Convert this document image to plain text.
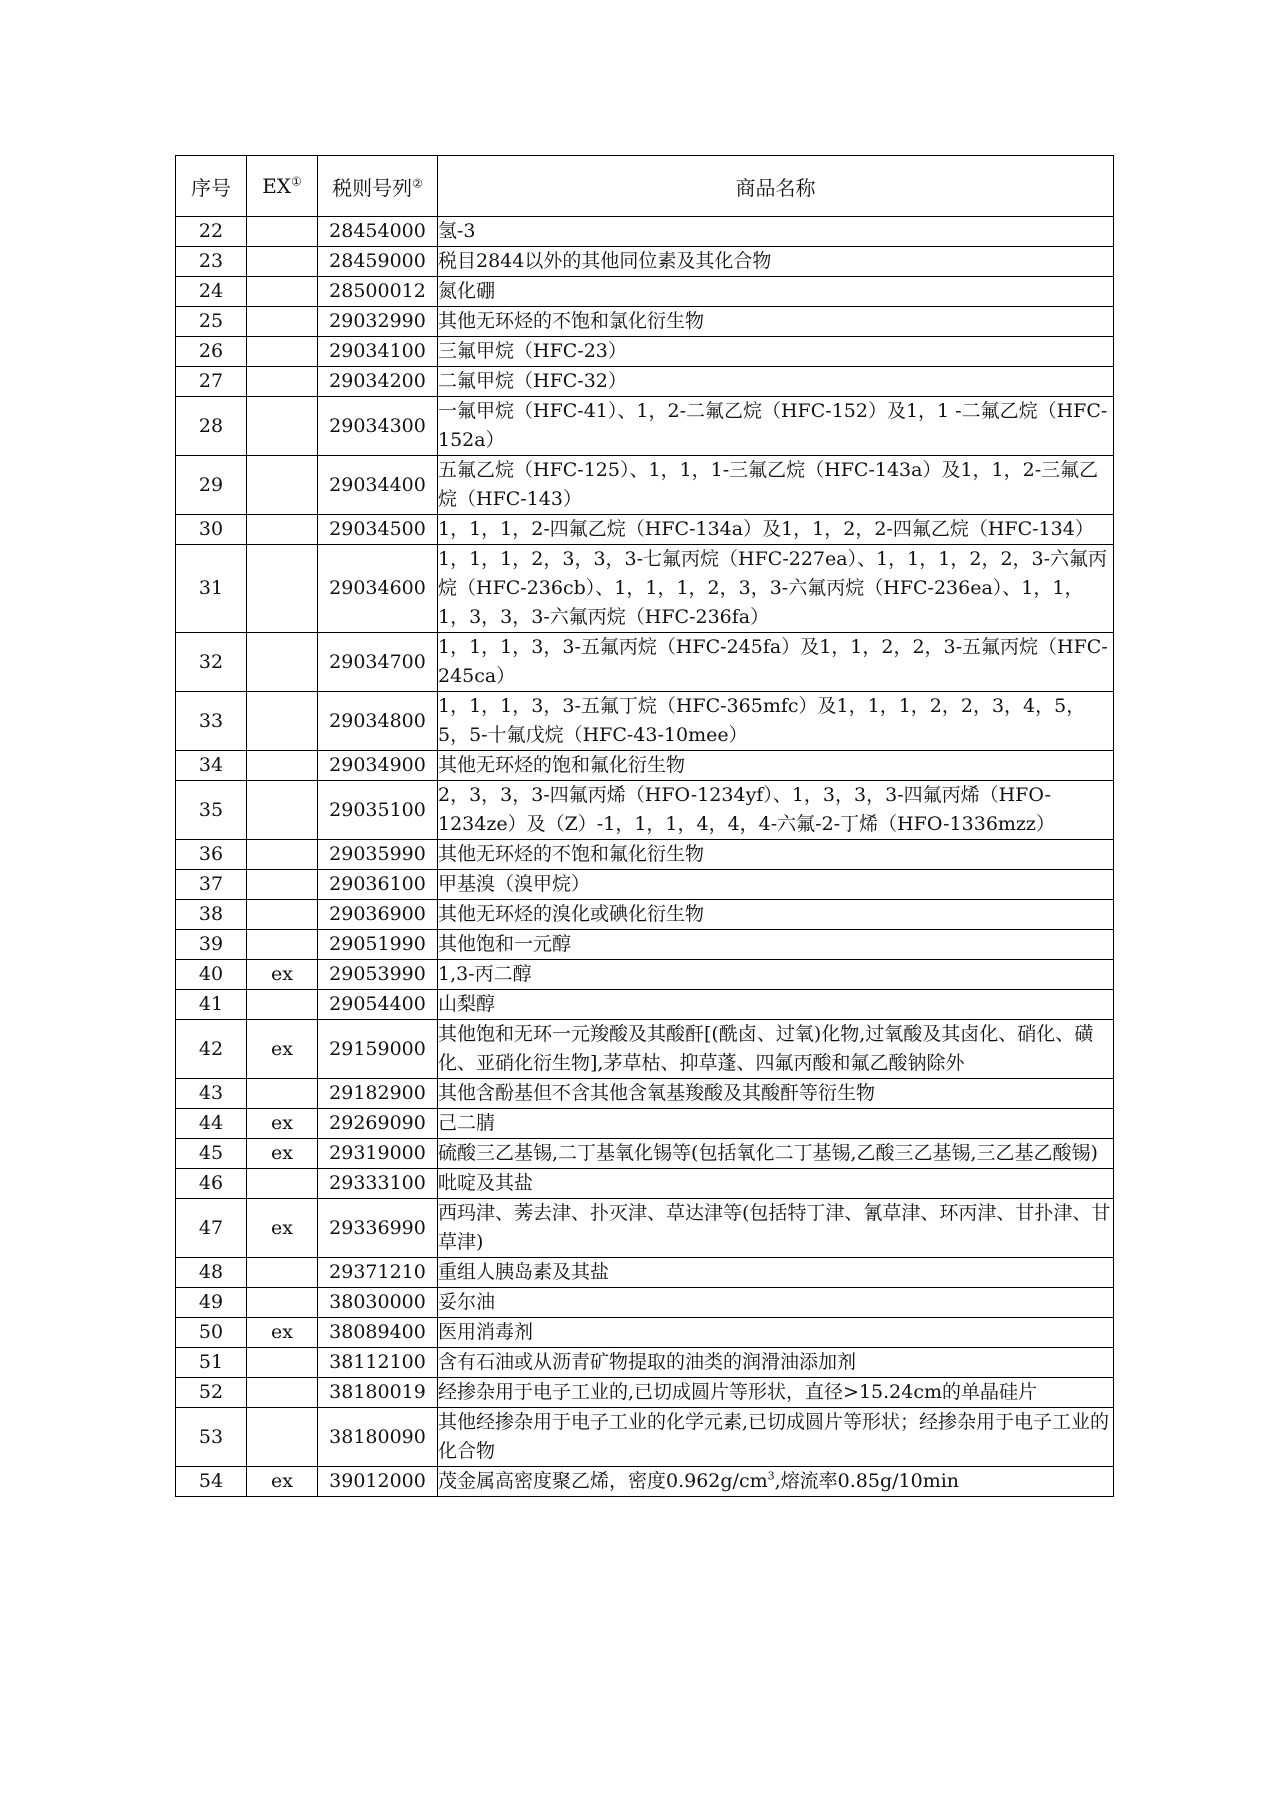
序号	EX①	税则号列②	商品名称
22		28454000	氢-3
23		28459000	税目2844以外的其他同位素及其化合物
24		28500012	氮化硼
25		29032990	其他无环烃的不饱和氯化衍生物
26		29034100	三氟甲烷（HFC-23）
27		29034200	二氟甲烷（HFC-32）
28		29034300	一氟甲烷（HFC-41）、1，2-二氟乙烷（HFC-152）及1，1 -二氟乙烷（HFC-152a）
29		29034400	五氟乙烷（HFC-125）、1，1，1-三氟乙烷（HFC-143a）及1，1，2-三氟乙烷（HFC-143）
30		29034500	1，1，1，2-四氟乙烷（HFC-134a）及1，1，2，2-四氟乙烷（HFC-134）
31		29034600	1，1，1，2，3，3，3-七氟丙烷（HFC-227ea）、1，1，1，2，2，3-六氟丙烷（HFC-236cb）、1，1，1，2，3，3-六氟丙烷（HFC-236ea）、1，1，1，3，3，3-六氟丙烷（HFC-236fa）
32		29034700	1，1，1，3，3-五氟丙烷（HFC-245fa）及1，1，2，2，3-五氟丙烷（HFC-245ca）
33		29034800	1，1，1，3，3-五氟丁烷（HFC-365mfc）及1，1，1，2，2，3，4，5，5，5-十氟戊烷（HFC-43-10mee）
34		29034900	其他无环烃的饱和氟化衍生物
35		29035100	2，3，3，3-四氟丙烯（HFO-1234yf）、1，3，3，3-四氟丙烯（HFO-1234ze）及（Z）-1，1，1，4，4，4-六氟-2-丁烯（HFO-1336mzz）
36		29035990	其他无环烃的不饱和氟化衍生物
37		29036100	甲基溴（溴甲烷）
38		29036900	其他无环烃的溴化或碘化衍生物
39		29051990	其他饱和一元醇
40	ex	29053990	1,3-丙二醇
41		29054400	山梨醇
42	ex	29159000	其他饱和无环一元羧酸及其酸酐[(酰卤、过氧)化物,过氧酸及其卤化、硝化、磺化、亚硝化衍生物],茅草枯、抑草蓬、四氟丙酸和氟乙酸钠除外
43		29182900	其他含酚基但不含其他含氧基羧酸及其酸酐等衍生物
44	ex	29269090	己二腈
45	ex	29319000	硫酸三乙基锡,二丁基氧化锡等(包括氧化二丁基锡,乙酸三乙基锡,三乙基乙酸锡)
46		29333100	吡啶及其盐
47	ex	29336990	西玛津、莠去津、扑灭津、草达津等(包括特丁津、氰草津、环丙津、甘扑津、甘草津)
48		29371210	重组人胰岛素及其盐
49		38030000	妥尔油
50	ex	38089400	医用消毒剂
51		38112100	含有石油或从沥青矿物提取的油类的润滑油添加剂
52		38180019	经掺杂用于电子工业的,已切成圆片等形状，直径>15.24cm的单晶硅片
53		38180090	其他经掺杂用于电子工业的化学元素,已切成圆片等形状；经掺杂用于电子工业的化合物
54	ex	39012000	茂金属高密度聚乙烯，密度$0.962g/cm^3$,熔流率0.85g/10min
